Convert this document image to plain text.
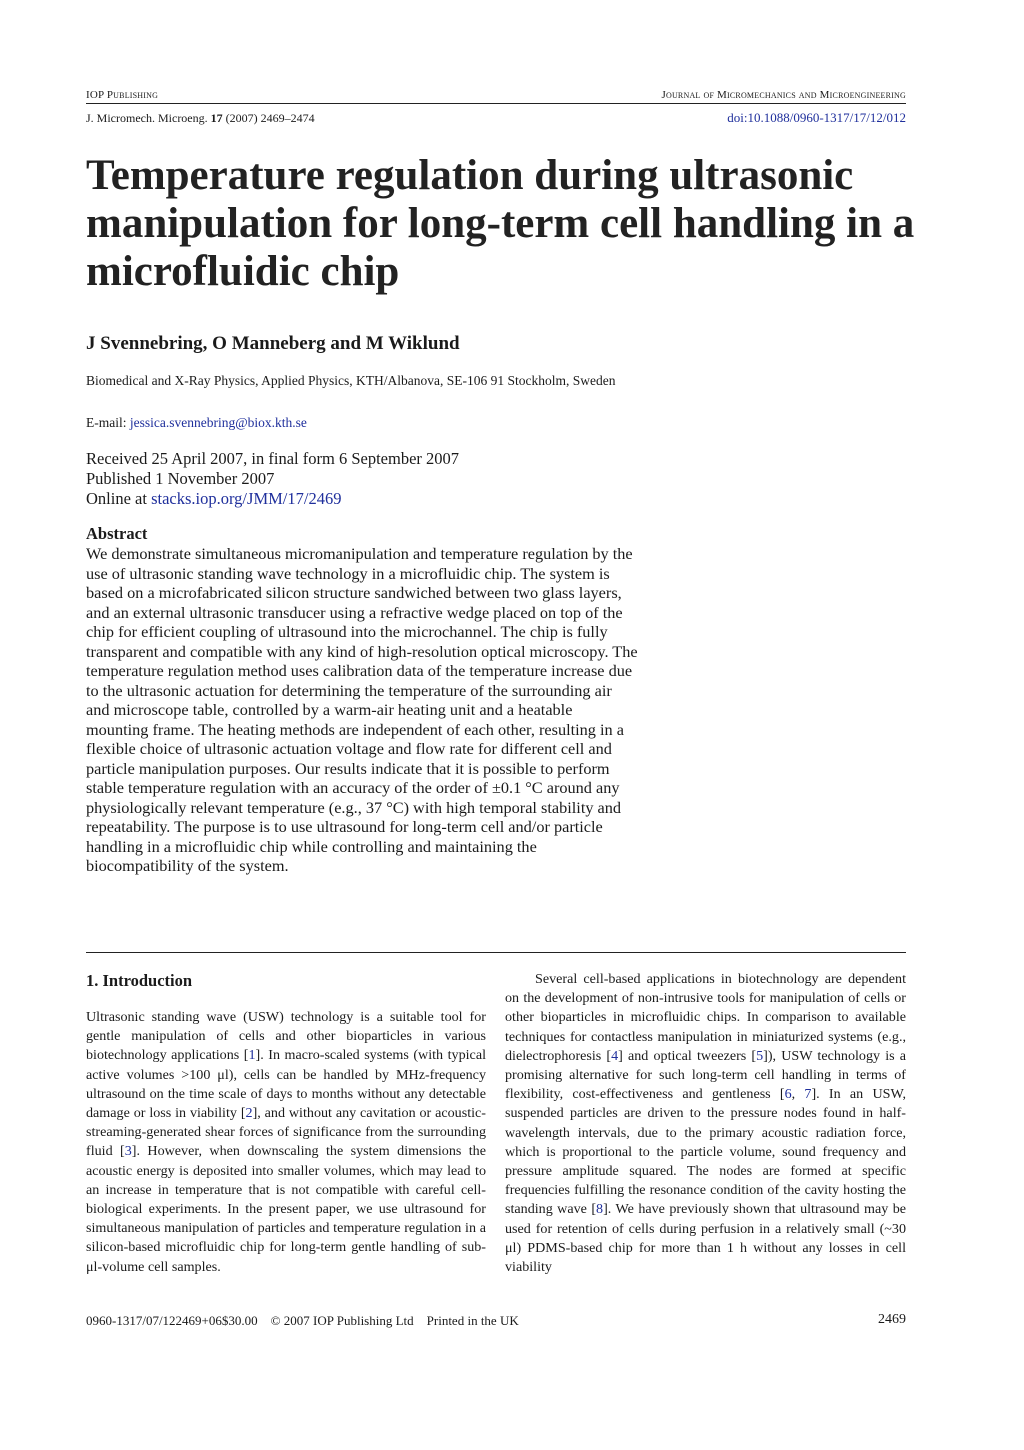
IOP Publishing	Journal of Micromechanics and Microengineering
J. Micromech. Microeng. 17 (2007) 2469–2474	doi:10.1088/0960-1317/17/12/012
Temperature regulation during ultrasonic manipulation for long-term cell handling in a microfluidic chip
J Svennebring, O Manneberg and M Wiklund
Biomedical and X-Ray Physics, Applied Physics, KTH/Albanova, SE-106 91 Stockholm, Sweden
E-mail: jessica.svennebring@biox.kth.se
Received 25 April 2007, in final form 6 September 2007
Published 1 November 2007
Online at stacks.iop.org/JMM/17/2469
Abstract
We demonstrate simultaneous micromanipulation and temperature regulation by the use of ultrasonic standing wave technology in a microfluidic chip. The system is based on a microfabricated silicon structure sandwiched between two glass layers, and an external ultrasonic transducer using a refractive wedge placed on top of the chip for efficient coupling of ultrasound into the microchannel. The chip is fully transparent and compatible with any kind of high-resolution optical microscopy. The temperature regulation method uses calibration data of the temperature increase due to the ultrasonic actuation for determining the temperature of the surrounding air and microscope table, controlled by a warm-air heating unit and a heatable mounting frame. The heating methods are independent of each other, resulting in a flexible choice of ultrasonic actuation voltage and flow rate for different cell and particle manipulation purposes. Our results indicate that it is possible to perform stable temperature regulation with an accuracy of the order of ±0.1 °C around any physiologically relevant temperature (e.g., 37 °C) with high temporal stability and repeatability. The purpose is to use ultrasound for long-term cell and/or particle handling in a microfluidic chip while controlling and maintaining the biocompatibility of the system.
1. Introduction
Ultrasonic standing wave (USW) technology is a suitable tool for gentle manipulation of cells and other bioparticles in various biotechnology applications [1]. In macro-scaled systems (with typical active volumes >100 μl), cells can be handled by MHz-frequency ultrasound on the time scale of days to months without any detectable damage or loss in viability [2], and without any cavitation or acoustic-streaming-generated shear forces of significance from the surrounding fluid [3]. However, when downscaling the system dimensions the acoustic energy is deposited into smaller volumes, which may lead to an increase in temperature that is not compatible with careful cell-biological experiments. In the present paper, we use ultrasound for simultaneous manipulation of particles and temperature regulation in a silicon-based microfluidic chip for long-term gentle handling of sub-μl-volume cell samples.
Several cell-based applications in biotechnology are dependent on the development of non-intrusive tools for manipulation of cells or other bioparticles in microfluidic chips. In comparison to available techniques for contactless manipulation in miniaturized systems (e.g., dielectrophoresis [4] and optical tweezers [5]), USW technology is a promising alternative for such long-term cell handling in terms of flexibility, cost-effectiveness and gentleness [6, 7]. In an USW, suspended particles are driven to the pressure nodes found in half-wavelength intervals, due to the primary acoustic radiation force, which is proportional to the particle volume, sound frequency and pressure amplitude squared. The nodes are formed at specific frequencies fulfilling the resonance condition of the cavity hosting the standing wave [8]. We have previously shown that ultrasound may be used for retention of cells during perfusion in a relatively small (~30 μl) PDMS-based chip for more than 1 h without any losses in cell viability
0960-1317/07/122469+06$30.00    © 2007 IOP Publishing Ltd    Printed in the UK	2469
